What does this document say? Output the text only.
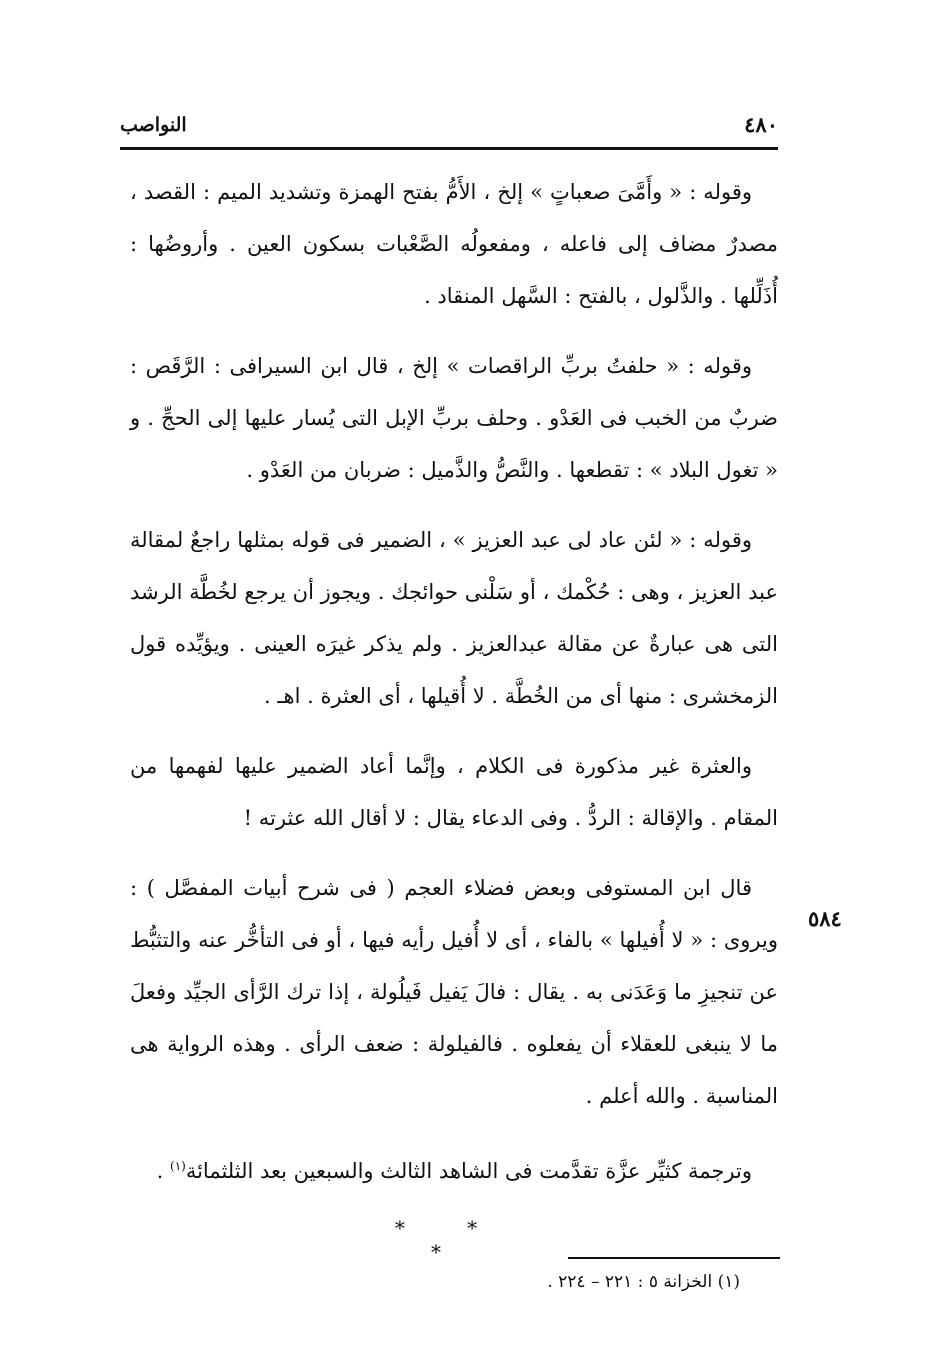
النواصب	٤٨٠

وقوله : « وأَمَّىَ صعباتٍ » إلخ ، الأَمُّ بفتح الهمزة وتشديد الميم : القصد ، مصدرٌ مضاف إلى فاعله ، ومفعولُه الصَّعْبات بسكون العين . وأروضُها : أُذَلِّلها . والذَّلول ، بالفتح : السَّهل المنقاد .

وقوله : « حلفتُ بربِّ الراقصات » إلخ ، قال ابن السيرافى : الرَّقَص : ضربٌ من الخبب فى العَدْو . وحلف بربِّ الإبل التى يُسار عليها إلى الحجِّ . و « تغول البلاد » : تقطعها . والنَّصُّ والذَّميل : ضربان من العَدْو .

وقوله : « لئن عاد لى عبد العزيز » ، الضمير فى قوله بمثلها راجعٌ لمقالة عبد العزيز ، وهى : حُكْمك ، أو سَلْنى حوائجك . ويجوز أن يرجع لخُطَّة الرشد التى هى عبارةٌ عن مقالة عبدالعزيز . ولم يذكر غيرَه العينى . ويؤيِّده قول الزمخشرى : منها أى من الخُطَّة . لا أُقيلها ، أى العثرة . اهـ .

والعثرة غير مذكورة فى الكلام ، وإنَّما أعاد الضمير عليها لفهمها من المقام . والإقالة : الردُّ . وفى الدعاء يقال : لا أقال الله عثرته !

قال ابن المستوفى وبعض فضلاء العجم ( فى شرح أبيات المفصَّل ) : ويروى : « لا أُفيلها » بالفاء ، أى لا أُفيل رأيه فيها ، أو فى التأخُّر عنه والتثبُّط عن تنجيزِ ما وَعَدَنى به . يقال : فالَ يَفيل فَيلُولة ، إذا ترك الرَّأى الجيِّد وفعلَ ما لا ينبغى للعقلاء أن يفعلوه . فالفيلولة : ضعف الرأى . وهذه الرواية هى المناسبة . والله أعلم .

وترجمة كثيِّر عزَّة تقدَّمت فى الشاهد الثالث والسبعين بعد الثلثمائة$^{(١)}$ .

٥٨٤
* * *
(١) الخزانة ٥ : ٢٢١ – ٢٢٤ .
